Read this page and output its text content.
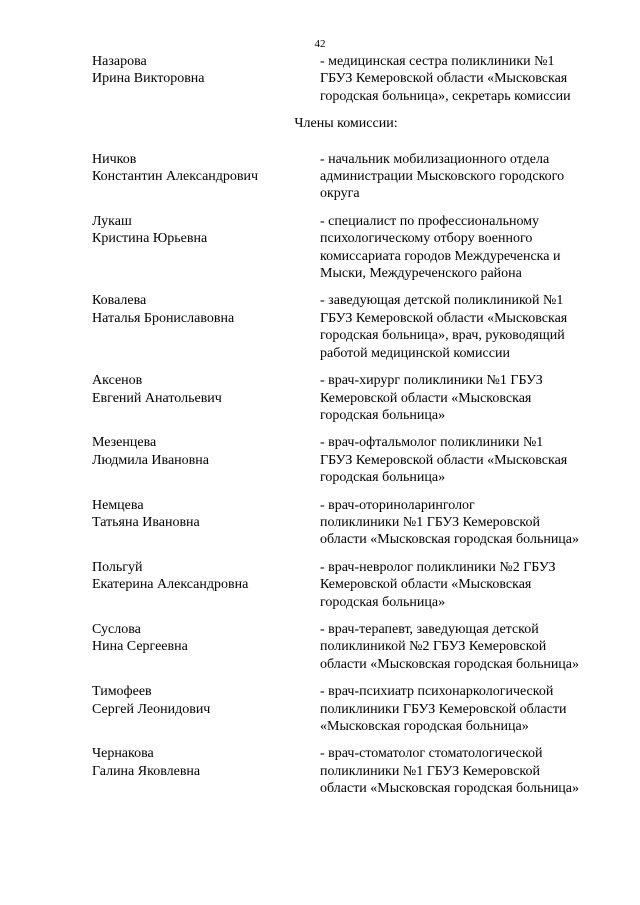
42
Назарова
Ирина Викторовна
- медицинская сестра поликлиники №1
ГБУЗ Кемеровской области «Мысковская
городская больница», секретарь комиссии
Члены комиссии:
Ничков
Константин Александрович
- начальник мобилизационного отдела
администрации Мысковского городского
округа
Лукаш
Кристина Юрьевна
- специалист по профессиональному
психологическому отбору военного
комиссариата городов Междуреченска и
Мыски, Междуреченского района
Ковалева
Наталья Брониславовна
- заведующая детской поликлиникой №1
ГБУЗ Кемеровской области «Мысковская
городская больница», врач, руководящий
работой медицинской комиссии
Аксенов
Евгений Анатольевич
- врач-хирург поликлиники №1 ГБУЗ
Кемеровской области «Мысковская
городская больница»
Мезенцева
Людмила Ивановна
- врач-офтальмолог поликлиники №1
ГБУЗ Кемеровской области «Мысковская
городская больница»
Немцева
Татьяна Ивановна
- врач-оториноларинголог
поликлиники №1 ГБУЗ Кемеровской
области «Мысковская городская больница»
Польгуй
Екатерина Александровна
- врач-невролог поликлиники №2 ГБУЗ
Кемеровской области «Мысковская
городская больница»
Суслова
Нина Сергеевна
- врач-терапевт, заведующая детской
поликлиникой №2 ГБУЗ Кемеровской
области «Мысковская городская больница»
Тимофеев
Сергей Леонидович
- врач-психиатр психонаркологической
поликлиники ГБУЗ Кемеровской области
«Мысковская городская больница»
Чернакова
Галина Яковлевна
- врач-стоматолог стоматологической
поликлиники №1 ГБУЗ Кемеровской
области «Мысковская городская больница»
